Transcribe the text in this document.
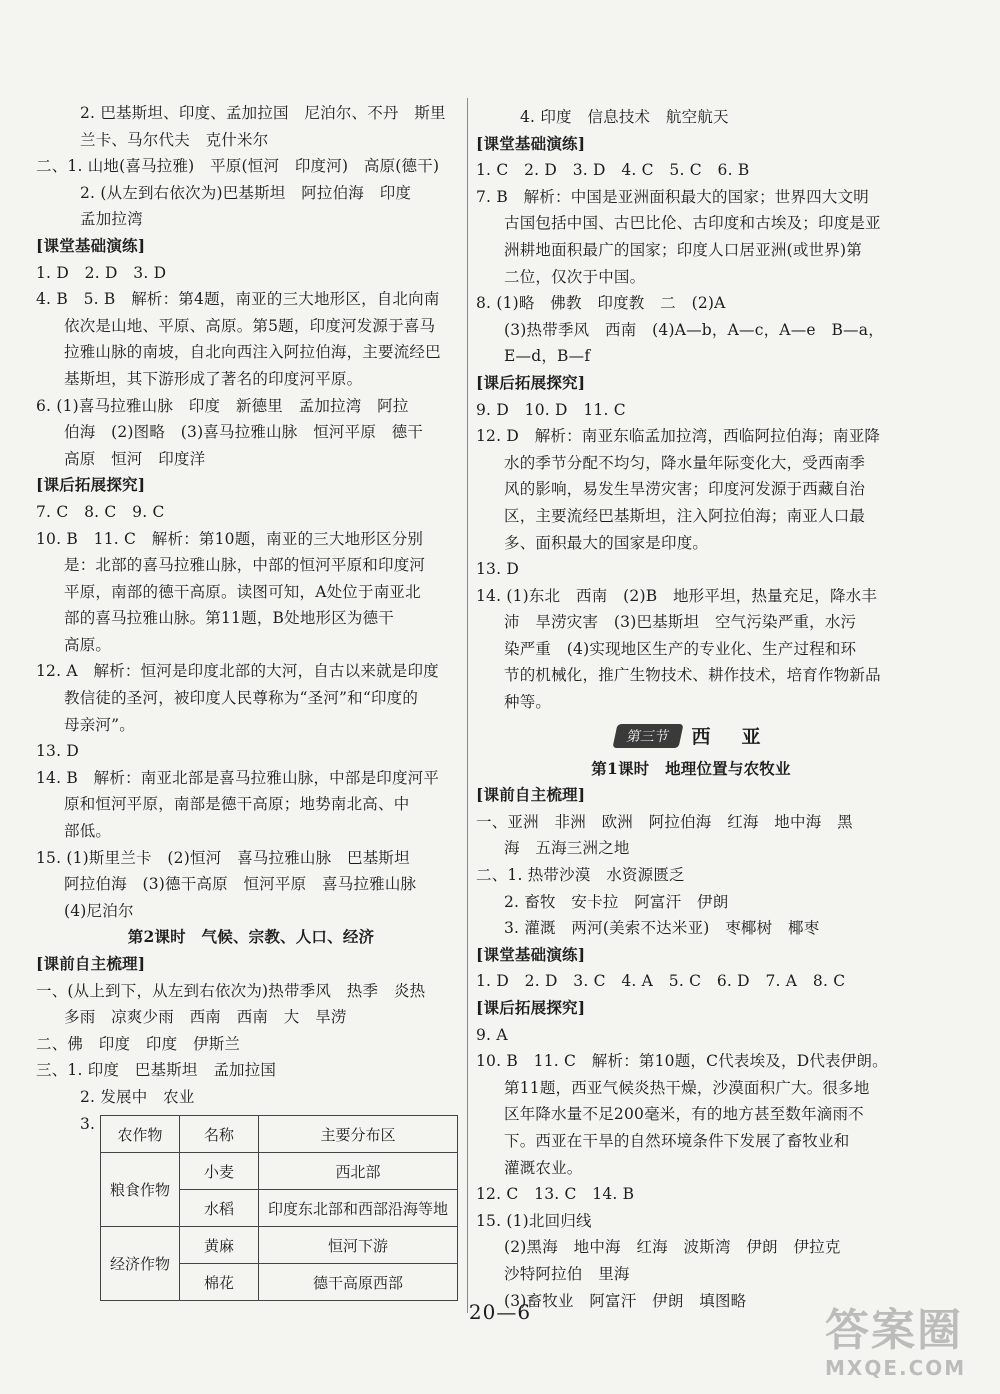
2. 巴基斯坦、印度、孟加拉国　尼泊尔、不丹　斯里
兰卡、马尔代夫　克什米尔
二、1. 山地(喜马拉雅)　平原(恒河　印度河)　高原(德干)
2. (从左到右依次为)巴基斯坦　阿拉伯海　印度
孟加拉湾
[课堂基础演练]
1. D　2. D　3. D
4. B　5. B　解析：第4题，南亚的三大地形区，自北向南
依次是山地、平原、高原。第5题，印度河发源于喜马
拉雅山脉的南坡，自北向西注入阿拉伯海，主要流经巴
基斯坦，其下游形成了著名的印度河平原。
6. (1)喜马拉雅山脉　印度　新德里　孟加拉湾　阿拉
伯海　(2)图略　(3)喜马拉雅山脉　恒河平原　德干
高原　恒河　印度洋
[课后拓展探究]
7. C　8. C　9. C
10. B　11. C　解析：第10题，南亚的三大地形区分别
是：北部的喜马拉雅山脉，中部的恒河平原和印度河
平原，南部的德干高原。读图可知，A处位于南亚北
部的喜马拉雅山脉。第11题，B处地形区为德干
高原。
12. A　解析：恒河是印度北部的大河，自古以来就是印度
教信徒的圣河，被印度人民尊称为“圣河”和“印度的
母亲河”。
13. D
14. B　解析：南亚北部是喜马拉雅山脉，中部是印度河平
原和恒河平原，南部是德干高原；地势南北高、中
部低。
15. (1)斯里兰卡　(2)恒河　喜马拉雅山脉　巴基斯坦
阿拉伯海　(3)德干高原　恒河平原　喜马拉雅山脉
(4)尼泊尔
第2课时　气候、宗教、人口、经济
[课前自主梳理]
一、(从上到下，从左到右依次为)热带季风　热季　炎热
多雨　凉爽少雨　西南　西南　大　旱涝
二、佛　印度　印度　伊斯兰
三、1. 印度　巴基斯坦　孟加拉国
2. 发展中　农业
3.
农作物	名称	主要分布区
粮食作物	小麦	西北部
	水稻	印度东北部和西部沿海等地
经济作物	黄麻	恒河下游
	棉花	德干高原西部
4. 印度　信息技术　航空航天
[课堂基础演练]
1. C　2. D　3. D　4. C　5. C　6. B
7. B　解析：中国是亚洲面积最大的国家；世界四大文明
古国包括中国、古巴比伦、古印度和古埃及；印度是亚
洲耕地面积最广的国家；印度人口居亚洲(或世界)第
二位，仅次于中国。
8. (1)略　佛教　印度教　二　(2)A
(3)热带季风　西南　(4)A—b，A—c，A—e　B—a，
E—d，B—f
[课后拓展探究]
9. D　10. D　11. C
12. D　解析：南亚东临孟加拉湾，西临阿拉伯海；南亚降
水的季节分配不均匀，降水量年际变化大，受西南季
风的影响，易发生旱涝灾害；印度河发源于西藏自治
区，主要流经巴基斯坦，注入阿拉伯海；南亚人口最
多、面积最大的国家是印度。
13. D
14. (1)东北　西南　(2)B　地形平坦，热量充足，降水丰
沛　旱涝灾害　(3)巴基斯坦　空气污染严重，水污
染严重　(4)实现地区生产的专业化、生产过程和环
节的机械化，推广生物技术、耕作技术，培育作物新品
种等。
第三节	西　亚
第1课时　地理位置与农牧业
[课前自主梳理]
一、亚洲　非洲　欧洲　阿拉伯海　红海　地中海　黑
海　五海三洲之地
二、1. 热带沙漠　水资源匮乏
2. 畜牧　安卡拉　阿富汗　伊朗
3. 灌溉　两河(美索不达米亚)　枣椰树　椰枣
[课堂基础演练]
1. D　2. D　3. C　4. A　5. C　6. D　7. A　8. C
[课后拓展探究]
9. A
10. B　11. C　解析：第10题，C代表埃及，D代表伊朗。
第11题，西亚气候炎热干燥，沙漠面积广大。很多地
区年降水量不足200毫米，有的地方甚至数年滴雨不
下。西亚在干旱的自然环境条件下发展了畜牧业和
灌溉农业。
12. C　13. C　14. B
15. (1)北回归线
(2)黑海　地中海　红海　波斯湾　伊朗　伊拉克
沙特阿拉伯　里海
(3)畜牧业　阿富汗　伊朗　填图略
20—6	答案圈
MXQE.COM
